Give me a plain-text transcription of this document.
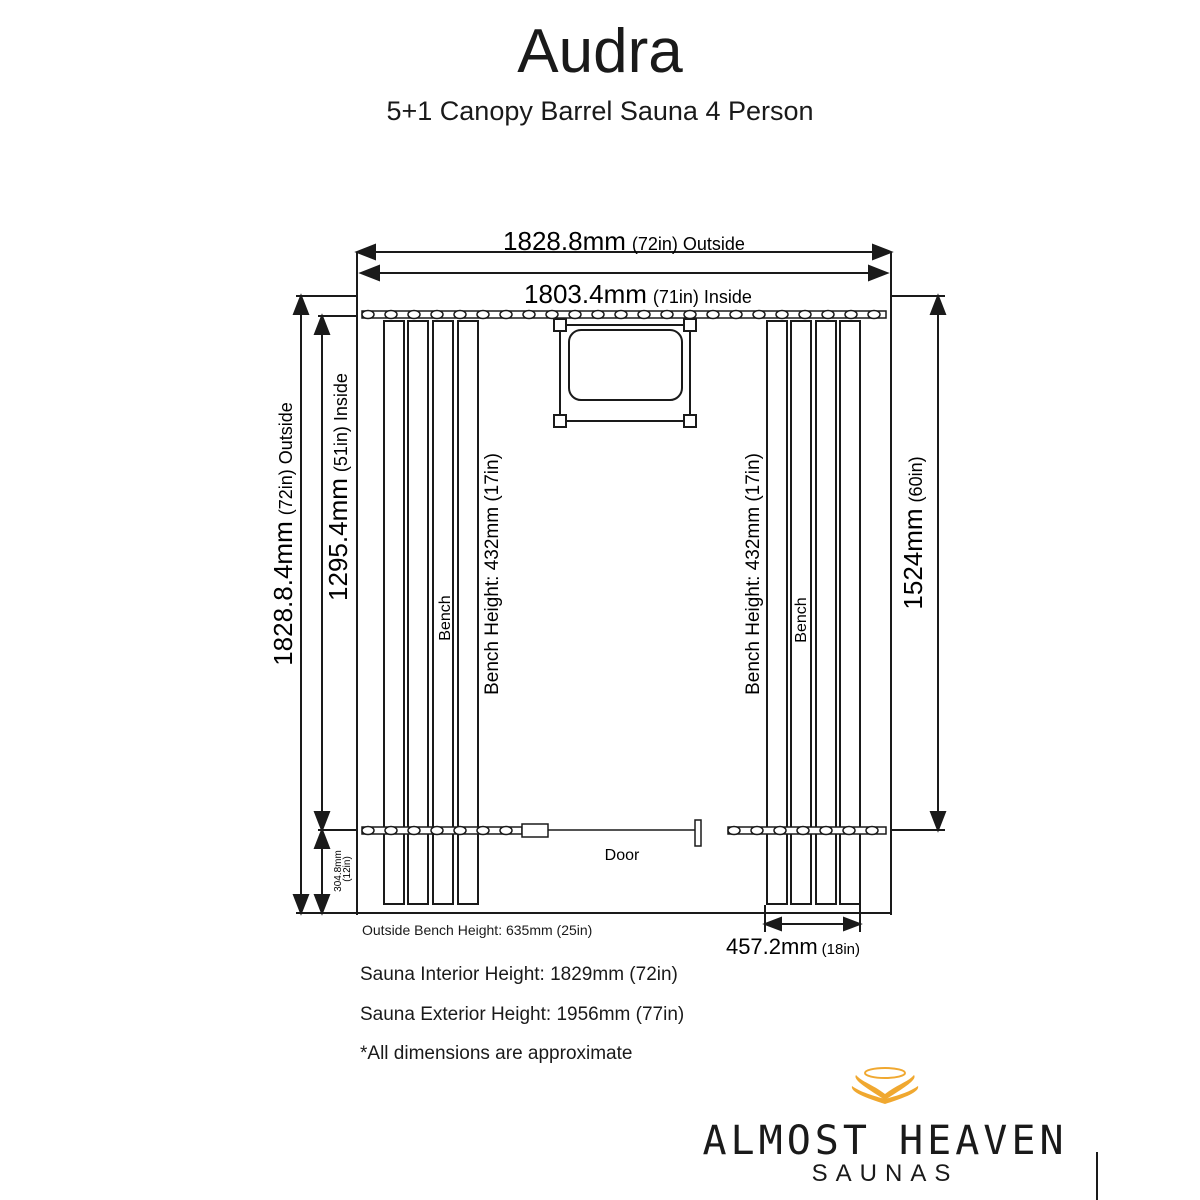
Audra
5+1 Canopy Barrel Sauna 4 Person
1828.8mm (72in) Outside
1803.4mm (71in) Inside
457.2mm (18in)
1828.8.4mm(72in) Outside
1295.4mm(51in) Inside
304.8mm
(12in)
1524mm(60in)
Bench	Bench
Bench Height: 432mm (17in)	Bench Height: 432mm (17in)
Door
Outside Bench Height: 635mm (25in)
Sauna Interior Height: 1829mm (72in)
Sauna Exterior Height: 1956mm (77in)
*All dimensions are approximate
ALMOST HEAVEN
SAUNAS
